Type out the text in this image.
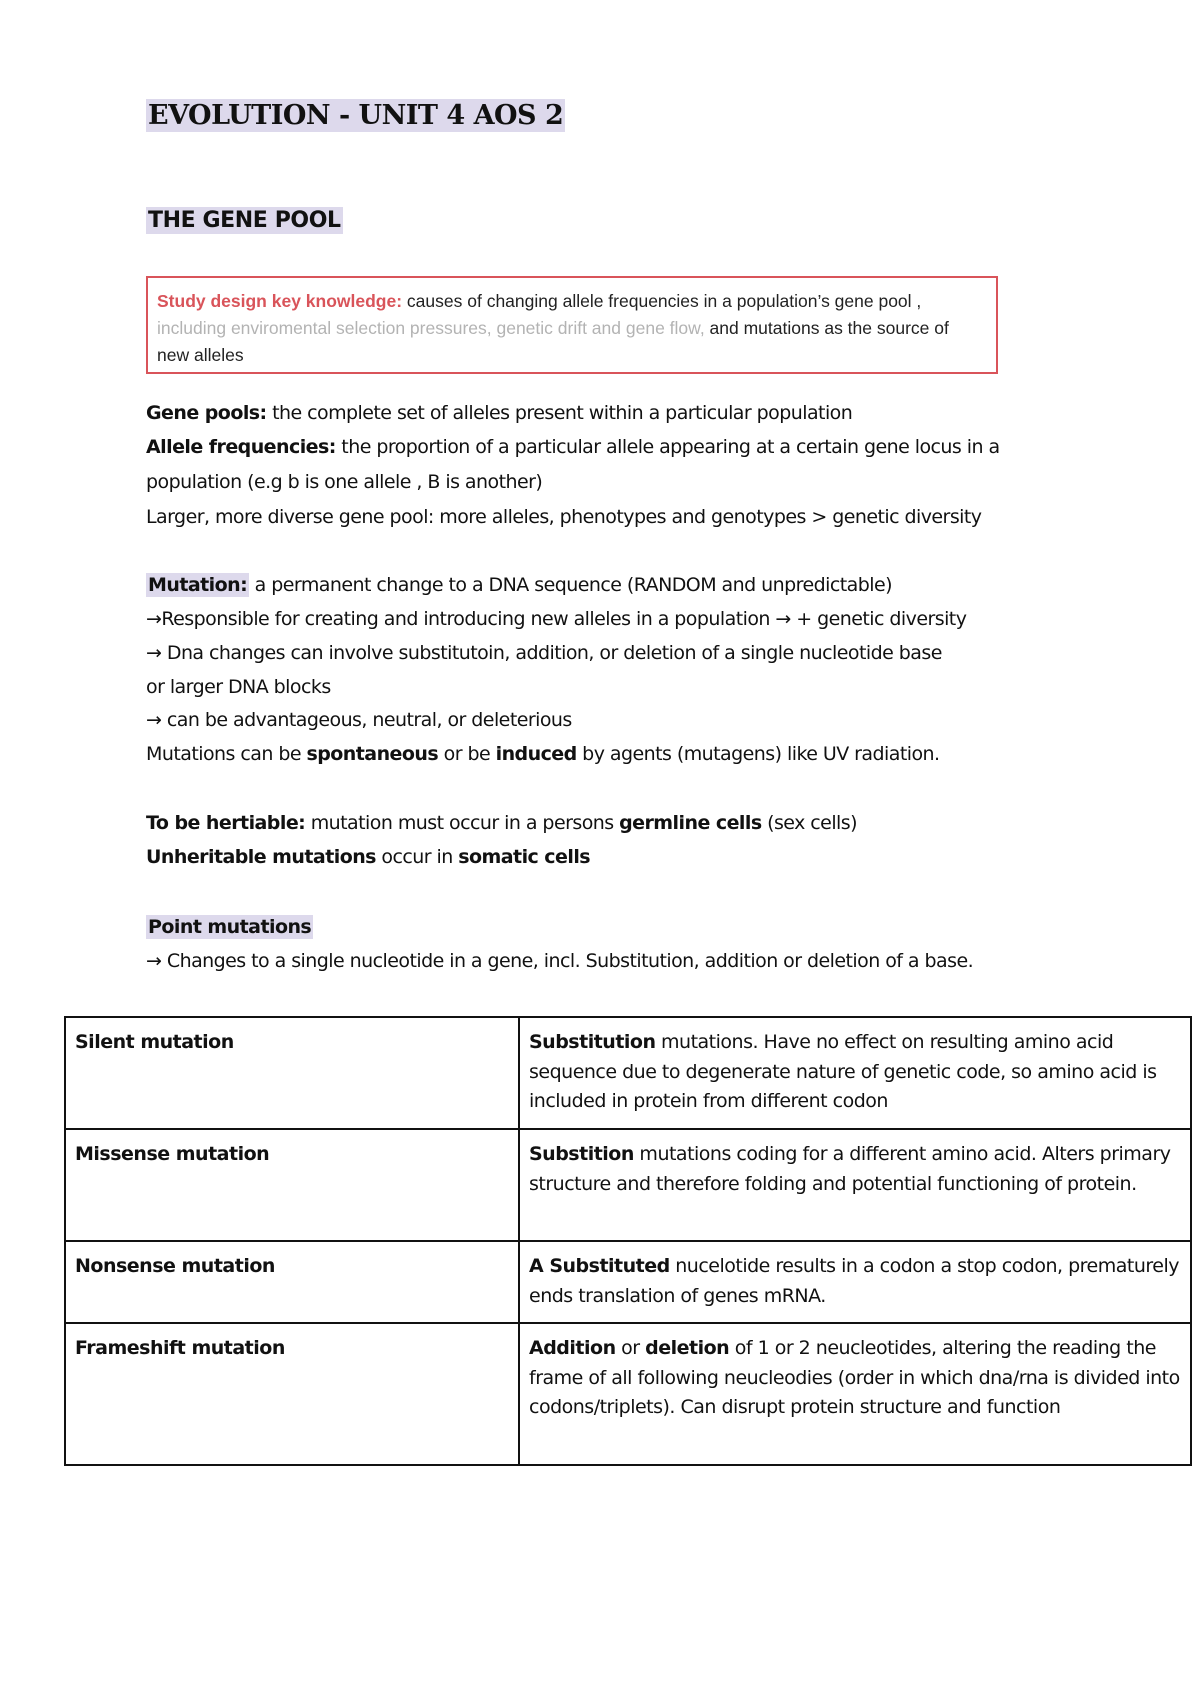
EVOLUTION - UNIT 4 AOS 2
THE GENE POOL
Study design key knowledge: causes of changing allele frequencies in a population’s gene pool , including enviromental selection pressures, genetic drift and gene flow, and mutations as the source of new alleles
Gene pools: the complete set of alleles present within a particular population
Allele frequencies: the proportion of a particular allele appearing at a certain gene locus in a
population (e.g b is one allele , B is another)
Larger, more diverse gene pool: more alleles, phenotypes and genotypes > genetic diversity
Mutation: a permanent change to a DNA sequence (RANDOM and unpredictable)
→Responsible for creating and introducing new alleles in a population → + genetic diversity
→ Dna changes can involve substitutoin, addition, or deletion of a single nucleotide base
or larger DNA blocks
→ can be advantageous, neutral, or deleterious
Mutations can be spontaneous or be induced by agents (mutagens) like UV radiation.
To be hertiable: mutation must occur in a persons germline cells (sex cells)
Unheritable mutations occur in somatic cells
Point mutations
→ Changes to a single nucleotide in a gene, incl. Substitution, addition or deletion of a base.
Silent mutation	Substitution mutations. Have no effect on resulting amino acid sequence due to degenerate nature of genetic code, so amino acid is included in protein from different codon
Missense mutation	Substition mutations coding for a different amino acid. Alters primary structure and therefore folding and potential functioning of protein.
Nonsense mutation	A Substituted nucelotide results in a codon a stop codon, prematurely ends translation of genes mRNA.
Frameshift mutation	Addition or deletion of 1 or 2 neucleotides, altering the reading the frame of all following neucleodies (order in which dna/rna is divided into codons/triplets). Can disrupt protein structure and function
